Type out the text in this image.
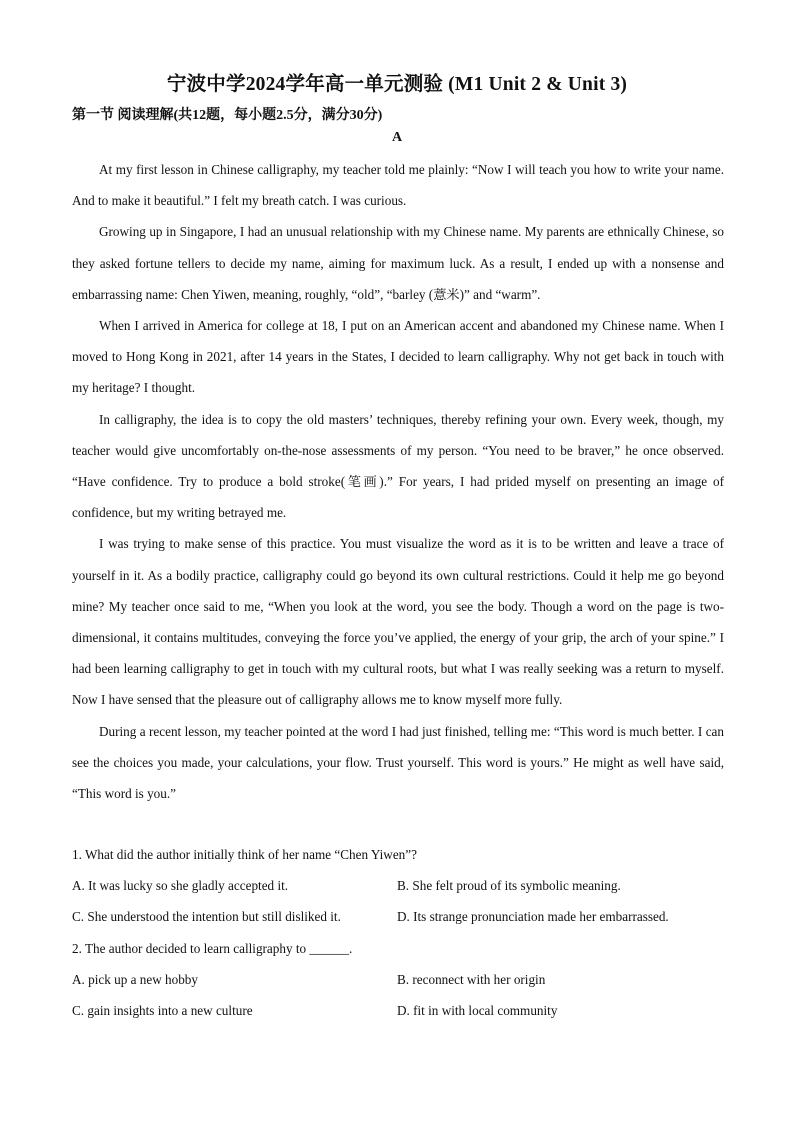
宁波中学2024学年高一单元测验 (M1 Unit 2 & Unit 3)
第一节 阅读理解(共12题，每小题2.5分，满分30分)
A

At my first lesson in Chinese calligraphy, my teacher told me plainly: “Now I will teach you how to write your name. And to make it beautiful.” I felt my breath catch. I was curious.

Growing up in Singapore, I had an unusual relationship with my Chinese name. My parents are ethnically Chinese, so they asked fortune tellers to decide my name, aiming for maximum luck. As a result, I ended up with a nonsense and embarrassing name: Chen Yiwen, meaning, roughly, “old”, “barley (薏米)” and “warm”.

When I arrived in America for college at 18, I put on an American accent and abandoned my Chinese name. When I moved to Hong Kong in 2021, after 14 years in the States, I decided to learn calligraphy. Why not get back in touch with my heritage? I thought.

In calligraphy, the idea is to copy the old masters’ techniques, thereby refining your own. Every week, though, my teacher would give uncomfortably on-the-nose assessments of my person. “You need to be braver,” he once observed. “Have confidence. Try to produce a bold stroke(笔画).” For years, I had prided myself on presenting an image of confidence, but my writing betrayed me.

I was trying to make sense of this practice. You must visualize the word as it is to be written and leave a trace of yourself in it. As a bodily practice, calligraphy could go beyond its own cultural restrictions. Could it help me go beyond mine? My teacher once said to me, “When you look at the word, you see the body. Though a word on the page is two-dimensional, it contains multitudes, conveying the force you’ve applied, the energy of your grip, the arch of your spine.” I had been learning calligraphy to get in touch with my cultural roots, but what I was really seeking was a return to myself. Now I have sensed that the pleasure out of calligraphy allows me to know myself more fully.

During a recent lesson, my teacher pointed at the word I had just finished, telling me: “This word is much better. I can see the choices you made, your calculations, your flow. Trust yourself. This word is yours.” He might as well have said, “This word is you.”

1. What did the author initially think of her name “Chen Yiwen”?

A. It was lucky so she gladly accepted it.	B. She felt proud of its symbolic meaning.
C. She understood the intention but still disliked it.	D. Its strange pronunciation made her embarrassed.

2. The author decided to learn calligraphy to ______.

A. pick up a new hobby	B. reconnect with her origin
C. gain insights into a new culture	D. fit in with local community
